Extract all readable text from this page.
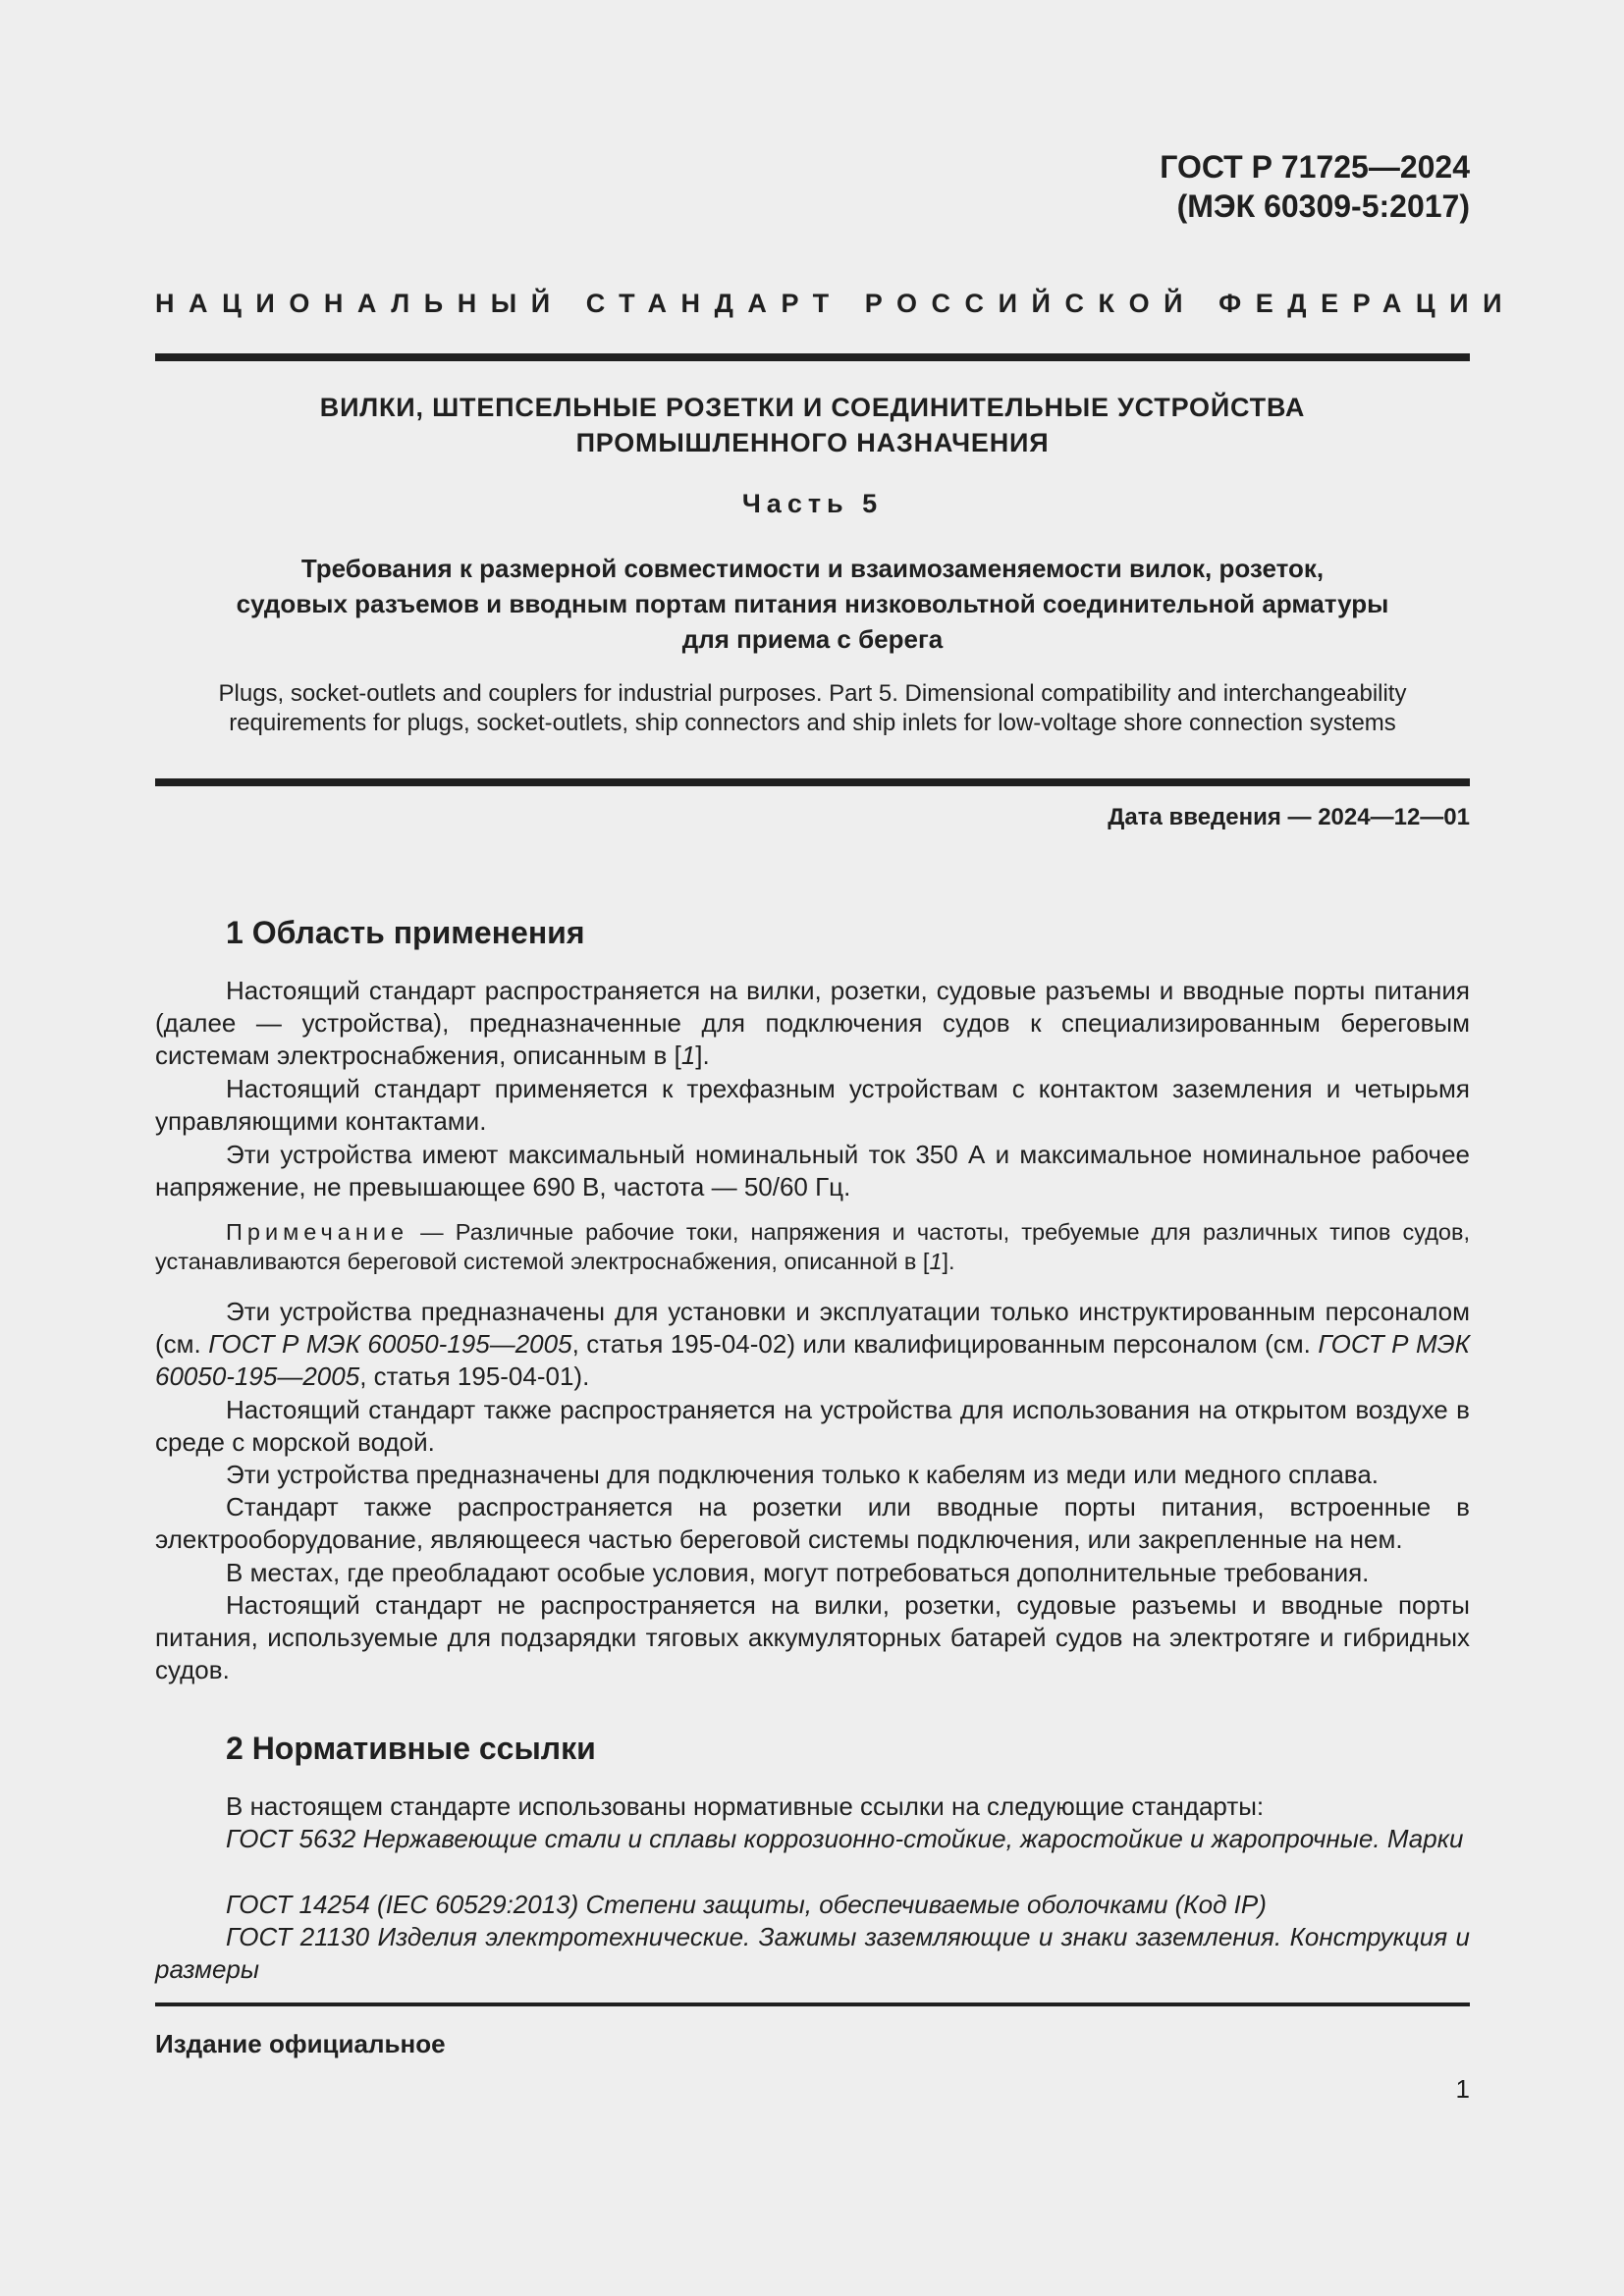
ГОСТ Р 71725—2024
(МЭК 60309-5:2017)
НАЦИОНАЛЬНЫЙ СТАНДАРТ РОССИЙСКОЙ ФЕДЕРАЦИИ
ВИЛКИ, ШТЕПСЕЛЬНЫЕ РОЗЕТКИ И СОЕДИНИТЕЛЬНЫЕ УСТРОЙСТВА
ПРОМЫШЛЕННОГО НАЗНАЧЕНИЯ
Часть 5
Требования к размерной совместимости и взаимозаменяемости вилок, розеток,
судовых разъемов и вводным портам питания низковольтной соединительной арматуры
для приема с берега
Plugs, socket-outlets and couplers for industrial purposes. Part 5. Dimensional compatibility and interchangeability
requirements for plugs, socket-outlets, ship connectors and ship inlets for low-voltage shore connection systems
Дата введения — 2024—12—01
1 Область применения
Настоящий стандарт распространяется на вилки, розетки, судовые разъемы и вводные порты питания (далее — устройства), предназначенные для подключения судов к специализированным береговым системам электроснабжения, описанным в [1].
Настоящий стандарт применяется к трехфазным устройствам с контактом заземления и четырьмя управляющими контактами.
Эти устройства имеют максимальный номинальный ток 350 А и максимальное номинальное рабочее напряжение, не превышающее 690 В, частота — 50/60 Гц.
Примечание — Различные рабочие токи, напряжения и частоты, требуемые для различных типов судов, устанавливаются береговой системой электроснабжения, описанной в [1].
Эти устройства предназначены для установки и эксплуатации только инструктированным персоналом (см. ГОСТ Р МЭК 60050-195—2005, статья 195-04-02) или квалифицированным персоналом (см. ГОСТ Р МЭК 60050-195—2005, статья 195-04-01).
Настоящий стандарт также распространяется на устройства для использования на открытом воздухе в среде с морской водой.
Эти устройства предназначены для подключения только к кабелям из меди или медного сплава.
Стандарт также распространяется на розетки или вводные порты питания, встроенные в электрооборудование, являющееся частью береговой системы подключения, или закрепленные на нем.
В местах, где преобладают особые условия, могут потребоваться дополнительные требования.
Настоящий стандарт не распространяется на вилки, розетки, судовые разъемы и вводные порты питания, используемые для подзарядки тяговых аккумуляторных батарей судов на электротяге и гибридных судов.
2 Нормативные ссылки
В настоящем стандарте использованы нормативные ссылки на следующие стандарты:
ГОСТ 5632 Нержавеющие стали и сплавы коррозионно-стойкие, жаростойкие и жаропрочные. Марки
ГОСТ 14254 (IEC 60529:2013) Степени защиты, обеспечиваемые оболочками (Код IP)
ГОСТ 21130 Изделия электротехнические. Зажимы заземляющие и знаки заземления. Конструкция и размеры
Издание официальное
1
